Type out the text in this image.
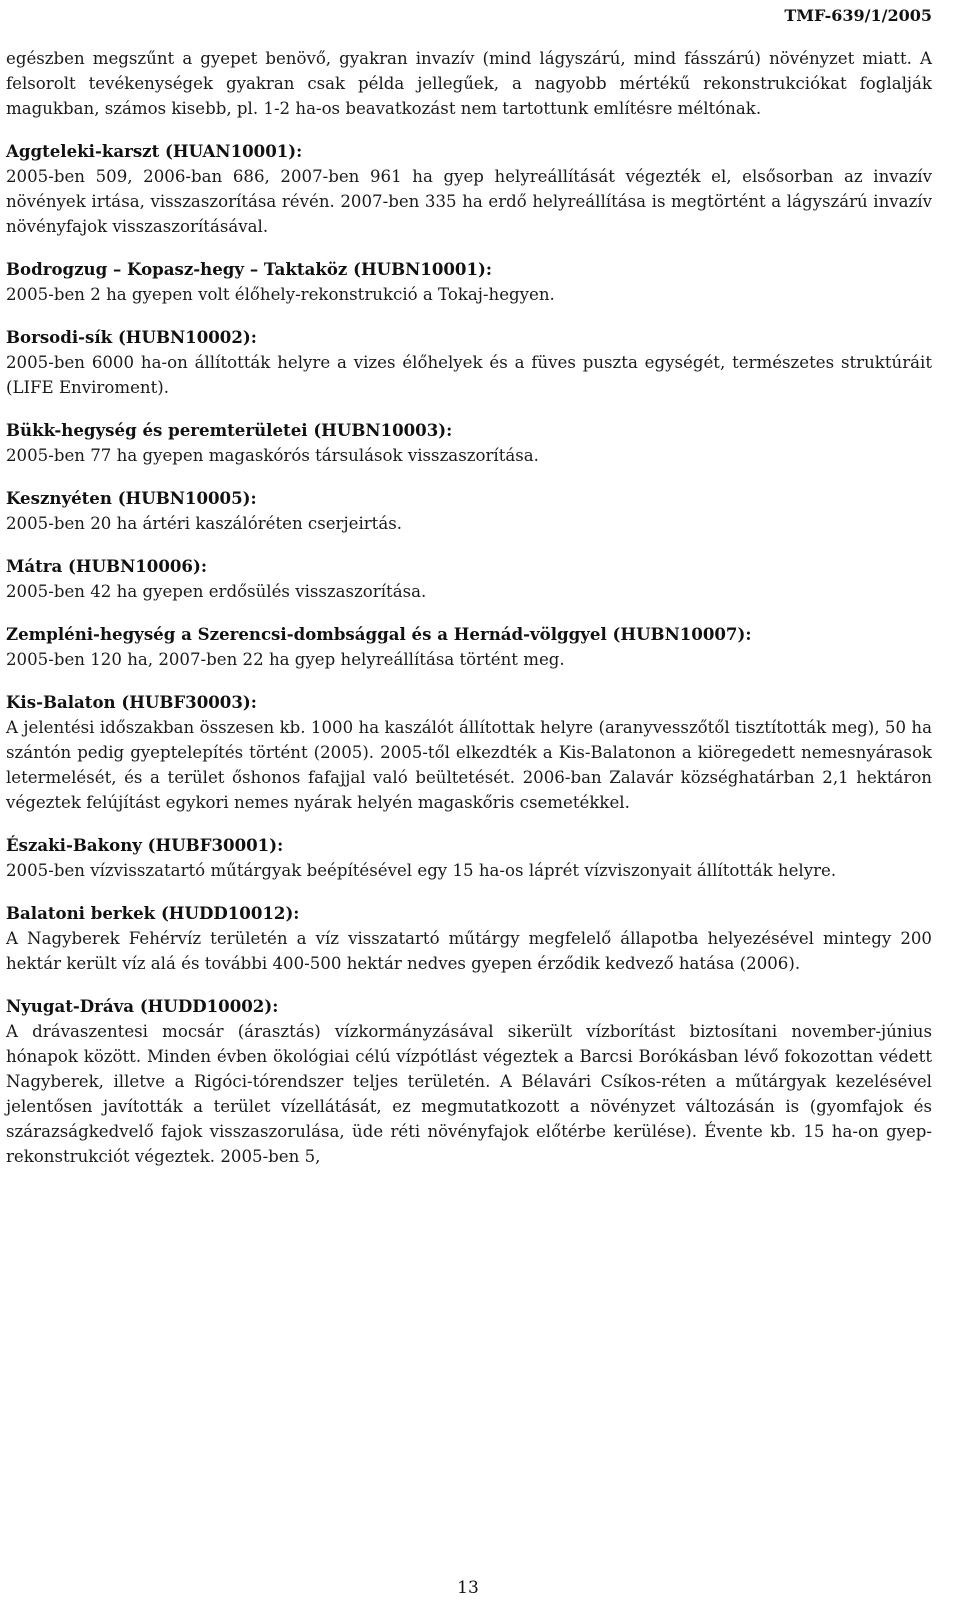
TMF-639/1/2005

egészben megszűnt a gyepet benövő, gyakran invazív (mind lágyszárú, mind fásszárú) növényzet miatt. A felsorolt tevékenységek gyakran csak példa jellegűek, a nagyobb mértékű rekonstrukciókat foglalják magukban, számos kisebb, pl. 1-2 ha-os beavatkozást nem tartottunk említésre méltónak.

Aggteleki-karszt (HUAN10001):

2005-ben 509, 2006-ban 686, 2007-ben 961 ha gyep helyreállítását végezték el, elsősorban az invazív növények irtása, visszaszorítása révén. 2007-ben 335 ha erdő helyreállítása is megtörtént a lágyszárú invazív növényfajok visszaszorításával.

Bodrogzug – Kopasz-hegy – Taktaköz (HUBN10001):

2005-ben 2 ha gyepen volt élőhely-rekonstrukció a Tokaj-hegyen.

Borsodi-sík (HUBN10002):

2005-ben 6000 ha-on állították helyre a vizes élőhelyek és a füves puszta egységét, természetes struktúráit (LIFE Enviroment).

Bükk-hegység és peremterületei (HUBN10003):

2005-ben 77 ha gyepen magaskórós társulások visszaszorítása.

Kesznyéten (HUBN10005):

2005-ben 20 ha ártéri kaszálóréten cserjeirtás.

Mátra (HUBN10006):

2005-ben 42 ha gyepen erdősülés visszaszorítása.

Zempléni-hegység a Szerencsi-dombsággal és a Hernád-völggyel (HUBN10007):

2005-ben 120 ha, 2007-ben 22 ha gyep helyreállítása történt meg.

Kis-Balaton (HUBF30003):

A jelentési időszakban összesen kb. 1000 ha kaszálót állítottak helyre (aranyvesszőtől tisztították meg), 50 ha szántón pedig gyeptelepítés történt (2005). 2005-től elkezdték a Kis-Balatonon a kiöregedett nemesnyárasok letermelését, és a terület őshonos fafajjal való beültetését. 2006-ban Zalavár községhatárban 2,1 hektáron végeztek felújítást egykori nemes nyárak helyén magaskőris csemetékkel.

Északi-Bakony (HUBF30001):

2005-ben vízvisszatartó műtárgyak beépítésével egy 15 ha-os láprét vízviszonyait állították helyre.

Balatoni berkek (HUDD10012):

A Nagyberek Fehérvíz területén a víz visszatartó műtárgy megfelelő állapotba helyezésével mintegy 200 hektár került víz alá és további 400-500 hektár nedves gyepen érződik kedvező hatása (2006).

Nyugat-Dráva (HUDD10002):

A drávaszentesi mocsár (árasztás) vízkormányzásával sikerült vízborítást biztosítani november-június hónapok között. Minden évben ökológiai célú vízpótlást végeztek a Barcsi Borókásban lévő fokozottan védett Nagyberek, illetve a Rigóci-tórendszer teljes területén. A Bélavári Csíkos-réten a műtárgyak kezelésével jelentősen javították a terület vízellátását, ez megmutatkozott a növényzet változásán is (gyomfajok és szárazságkedvelő fajok visszaszorulása, üde réti növényfajok előtérbe kerülése). Évente kb. 15 ha-on gyep-rekonstrukciót végeztek. 2005-ben 5,

13
